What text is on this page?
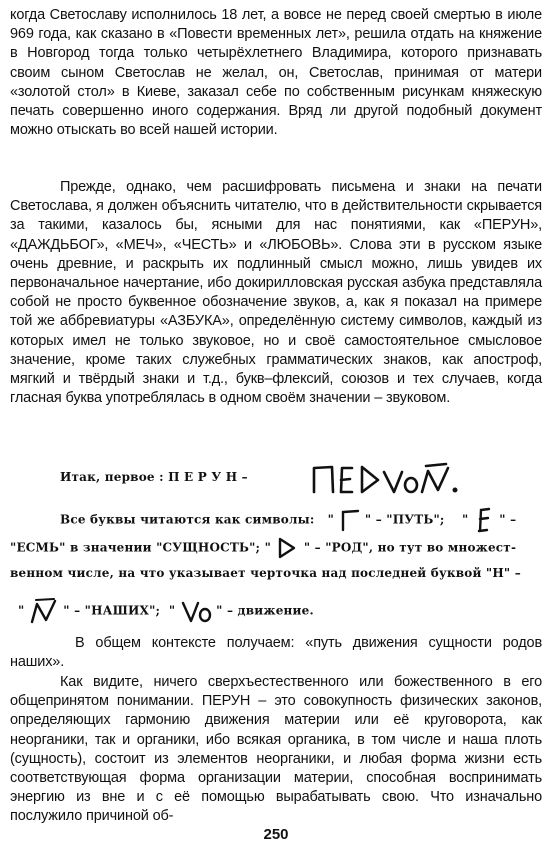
когда Светославу исполнилось 18 лет, а вовсе не перед своей смертью в июле 969 года, как сказано в «Повести временных лет», решила отдать на княжение в Новгород тогда только четырёхлетнего Владимира, которого признавать своим сыном Светослав не желал, он, Светослав, принимая от матери «золотой стол» в Киеве, заказал себе по собственным рисункам княжескую печать совершенно иного содержания. Вряд ли другой подобный документ можно отыскать во всей нашей истории.

Прежде, однако, чем расшифровать письмена и знаки на печати Светослава, я должен объяснить читателю, что в действительности скрывается за такими, казалось бы, ясными для нас понятиями, как «ПЕРУН», «ДАЖДЬБОГ», «МЕЧ», «ЧЕСТЬ» и «ЛЮБОВЬ». Слова эти в русском языке очень древние, и раскрыть их подлинный смысл можно, лишь увидев их первоначальное начертание, ибо докирилловская русская азбука представляла собой не просто буквенное обозначение звуков, а, как я показал на примере той же аббревиатуры «АЗБУКА», определённую систему символов, каждый из которых имел не только звуковое, но и своё самостоятельное смысловое значение, кроме таких служебных грамматических знаков, как апостроф, мягкий и твёрдый знаки и т.д., букв–флексий, союзов и тех случаев, когда гласная буква употреблялась в одном своём значении – звуковом.

Итак, первое : П Е Р У Н –
Все буквы читаются как символы:   "  " – "ПУТЬ";    "  " –
"ЕСМЬ" в значении "СУЩНОСТЬ"; "  " – "РОД", но тут во множест-
венном числе, на что указывает черточка над последней буквой "Н" –
"	" – "НАШИХ";  "	" – движение.

В общем контексте получаем: «путь движения сущности родов наших».

Как видите, ничего сверхъестественного или божественного в его общепринятом понимании. ПЕРУН – это совокупность физических законов, определяющих гармонию движения материи или её круговорота, как неорганики, так и органики, ибо всякая органика, в том числе и наша плоть (сущность), состоит из элементов неорганики, и любая форма жизни есть соответствующая форма организации материи, способная воспринимать энергию из вне и с её помощью вырабатывать свою. Что изначально послужило причиной об-

250
